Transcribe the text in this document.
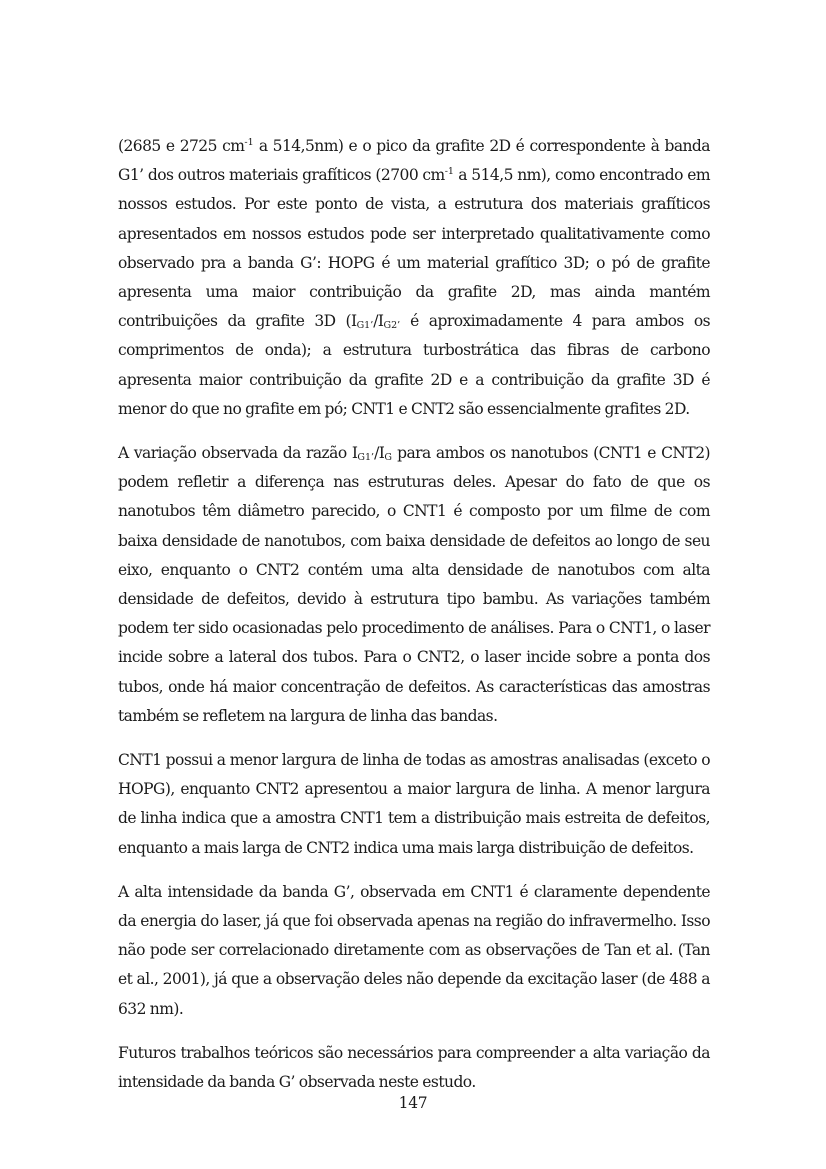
(2685 e 2725 $cm^{-1}$ a 514,5nm) e o pico da grafite 2D é correspondente à banda G1’ dos outros materiais grafíticos (2700 $cm^{-1}$ a 514,5 nm), como encontrado em nossos estudos. Por este ponto de vista, a estrutura dos materiais grafíticos apresentados em nossos estudos pode ser interpretado qualitativamente como observado pra a banda G’: HOPG é um material grafítico 3D; o pó de grafite apresenta uma maior contribuição da grafite 2D, mas ainda mantém contribuições da grafite 3D ($I_{G1’}/I_{G2’}$ é aproximadamente 4 para ambos os comprimentos de onda); a estrutura turbostrática das fibras de carbono apresenta maior contribuição da grafite 2D e a contribuição da grafite 3D é menor do que no grafite em pó; CNT1 e CNT2 são essencialmente grafites 2D.

A variação observada da razão $I_{G1’}/I_G$ para ambos os nanotubos (CNT1 e CNT2) podem refletir a diferença nas estruturas deles. Apesar do fato de que os nanotubos têm diâmetro parecido, o CNT1 é composto por um filme de com baixa densidade de nanotubos, com baixa densidade de defeitos ao longo de seu eixo, enquanto o CNT2 contém uma alta densidade de nanotubos com alta densidade de defeitos, devido à estrutura tipo bambu. As variações também podem ter sido ocasionadas pelo procedimento de análises. Para o CNT1, o laser incide sobre a lateral dos tubos. Para o CNT2, o laser incide sobre a ponta dos tubos, onde há maior concentração de defeitos. As características das amostras também se refletem na largura de linha das bandas.

CNT1 possui a menor largura de linha de todas as amostras analisadas (exceto o HOPG), enquanto CNT2 apresentou a maior largura de linha. A menor largura de linha indica que a amostra CNT1 tem a distribuição mais estreita de defeitos, enquanto a mais larga de CNT2 indica uma mais larga distribuição de defeitos.

A alta intensidade da banda G’, observada em CNT1 é claramente dependente da energia do laser, já que foi observada apenas na região do infravermelho. Isso não pode ser correlacionado diretamente com as observações de Tan et al. (Tan et al., 2001), já que a observação deles não depende da excitação laser (de 488 a 632 nm).

Futuros trabalhos teóricos são necessários para compreender a alta variação da intensidade da banda G’ observada neste estudo.

147
